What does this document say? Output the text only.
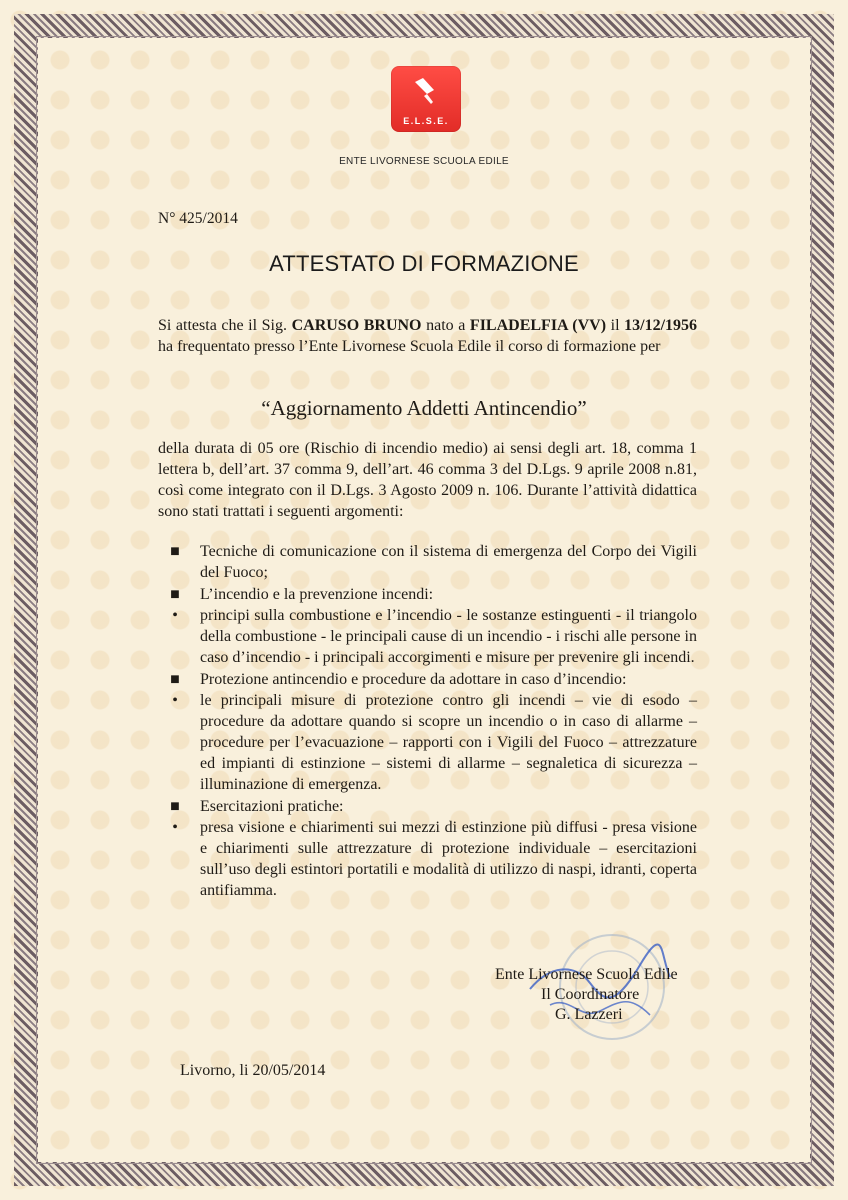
E.L.S.E.
ENTE LIVORNESE SCUOLA EDILE
N° 425/2014
ATTESTATO DI FORMAZIONE
Si attesta che il Sig. CARUSO BRUNO nato a FILADELFIA (VV) il 13/12/1956 ha frequentato presso l’Ente Livornese Scuola Edile il corso di formazione per
“Aggiornamento Addetti Antincendio”
della durata di 05 ore (Rischio di incendio medio) ai sensi degli art. 18, comma 1 lettera b, dell’art. 37 comma 9, dell’art. 46 comma 3 del D.Lgs. 9 aprile 2008 n.81, così come integrato con il D.Lgs. 3 Agosto 2009 n. 106. Durante l’attività didattica sono stati trattati i seguenti argomenti:
■ Tecniche di comunicazione con il sistema di emergenza del Corpo dei Vigili del Fuoco;
■ L’incendio e la prevenzione incendi:
• principi sulla combustione e l’incendio - le sostanze estinguenti - il triangolo della combustione - le principali cause di un incendio - i rischi alle persone in caso d’incendio - i principali accorgimenti e misure per prevenire gli incendi.
■ Protezione antincendio e procedure da adottare in caso d’incendio:
• le principali misure di protezione contro gli incendi – vie di esodo – procedure da adottare quando si scopre un incendio o in caso di allarme – procedure per l’evacuazione – rapporti con i Vigili del Fuoco – attrezzature ed impianti di estinzione – sistemi di allarme – segnaletica di sicurezza – illuminazione di emergenza.
■ Esercitazioni pratiche:
• presa visione e chiarimenti sui mezzi di estinzione più diffusi - presa visione e chiarimenti sulle attrezzature di protezione individuale – esercitazioni sull’uso degli estintori portatili e modalità di utilizzo di naspi, idranti, coperta antifiamma.
Ente Livornese Scuola Edile
Il Coordinatore
G. Lazzeri
Livorno, li 20/05/2014
